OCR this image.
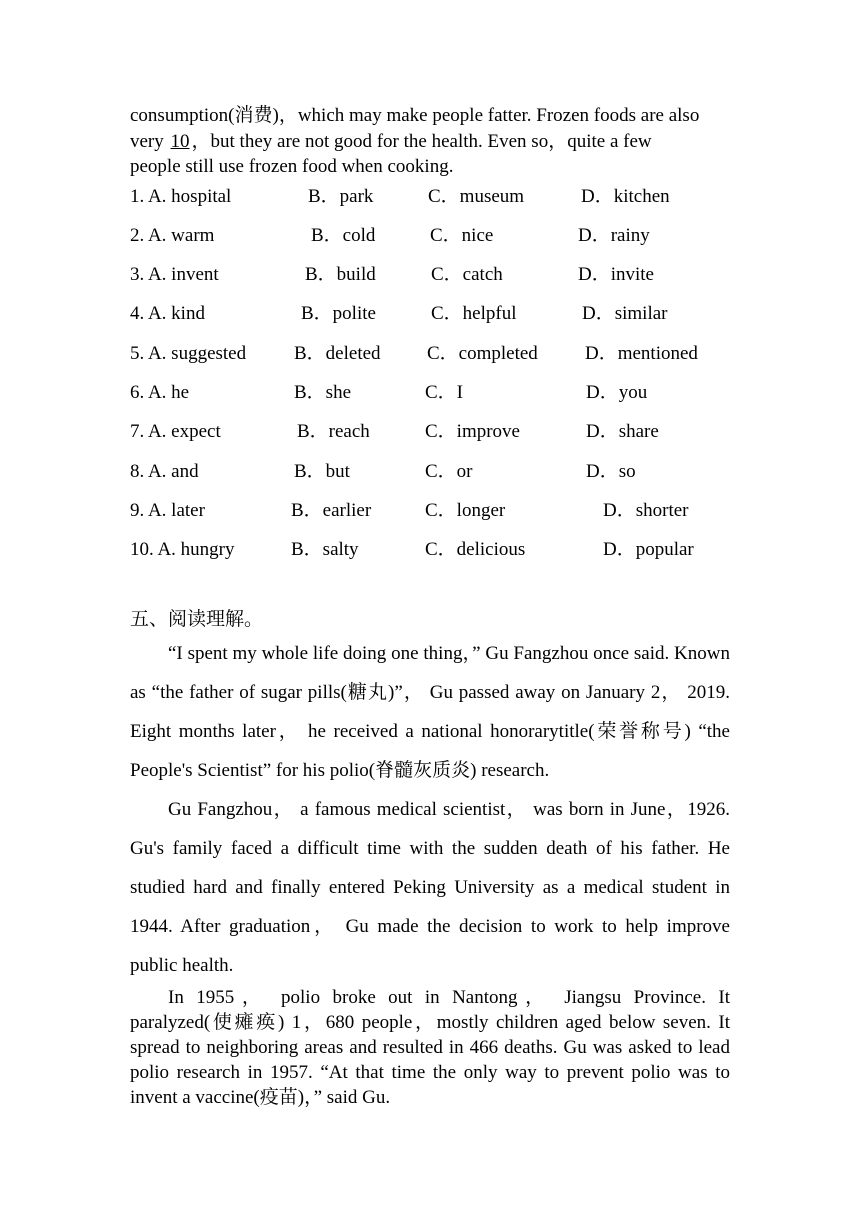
consumption(消费)，which may make people fatter. Frozen foods are also

very 10，but they are not good for the health. Even so，quite a few

people still use frozen food when cooking.

1. A. hospital	B．park	C．museum	D．kitchen
2. A. warm	B．cold	C．nice	D．rainy
3. A. invent	B．build	C．catch	D．invite
4. A. kind	B．polite	C．helpful	D．similar
5. A. suggested	B．deleted C．completed D．mentioned
6. A. he	B．she	C．I	D．you
7. A. expect	B．reach	C．improve	D．share
8. A. and	B．but	C．or	D．so
9. A. later	B．earlier	C．longer	D．shorter
10. A. hungry	B．salty	C．delicious	D．popular
五、阅读理解。

“I spent my whole life doing one thing，” Gu Fangzhou once said. Known as “the father of sugar pills(糖丸)”， Gu passed away on January 2， 2019. Eight months later， he received a national honorarytitle(荣誉称号) “the People's Scientist” for his polio(脊髓灰质炎) research.

Gu Fangzhou， a famous medical scientist， was born in June，1926. Gu's family faced a difficult time with the sudden death of his father. He studied hard and finally entered Peking University as a medical student in 1944. After graduation， Gu made the decision to work to help improve public health.

In 1955， polio broke out in Nantong， Jiangsu Province. It paralyzed(使瘫痪) 1，680 people，mostly children aged below seven. It spread to neighboring areas and resulted in 466 deaths. Gu was asked to lead polio research in 1957. “At that time the only way to prevent polio was to invent a vaccine(疫苗)，” said Gu.
